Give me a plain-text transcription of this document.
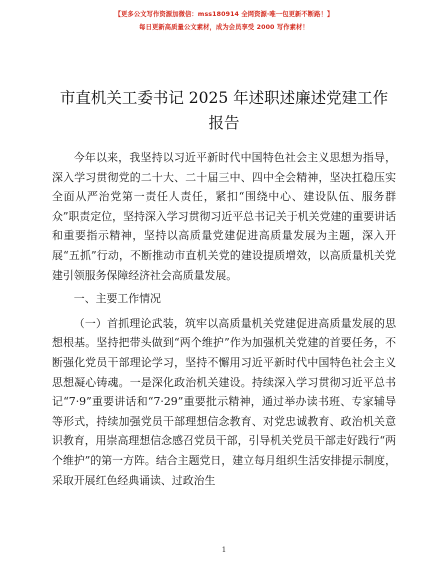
【更多公文写作资源加微信：mss180914 全网资源·唯一包更新不断路！】
每日更新高质量公文素材，成为会员享受 2000 写作素材！
市直机关工委书记 2025 年述职述廉述党建工作
报告

今年以来，我坚持以习近平新时代中国特色社会主义思想为指导，深入学习贯彻党的二十大、二十届三中、四中全会精神，坚决扛稳压实全面从严治党第一责任人责任，紧扣“围绕中心、建设队伍、服务群众”职责定位，坚持深入学习贯彻习近平总书记关于机关党建的重要讲话和重要指示精神，坚持以高质量党建促进高质量发展为主题，深入开展“五抓”行动，不断推动市直机关党的建设提质增效，以高质量机关党建引领服务保障经济社会高质量发展。

一、主要工作情况

（一）首抓理论武装，筑牢以高质量机关党建促进高质量发展的思想根基。坚持把带头做到“两个维护”作为加强机关党建的首要任务，不断强化党员干部理论学习，坚持不懈用习近平新时代中国特色社会主义思想凝心铸魂。一是深化政治机关建设。持续深入学习贯彻习近平总书记“7·9”重要讲话和“7·29”重要批示精神，通过举办读书班、专家辅导等形式，持续加强党员干部理想信念教育、对党忠诚教育、政治机关意识教育，用崇高理想信念感召党员干部，引导机关党员干部走好践行“两个维护”的第一方阵。结合主题党日，建立每月组织生活安排提示制度，采取开展红色经典诵读、过政治生

1
